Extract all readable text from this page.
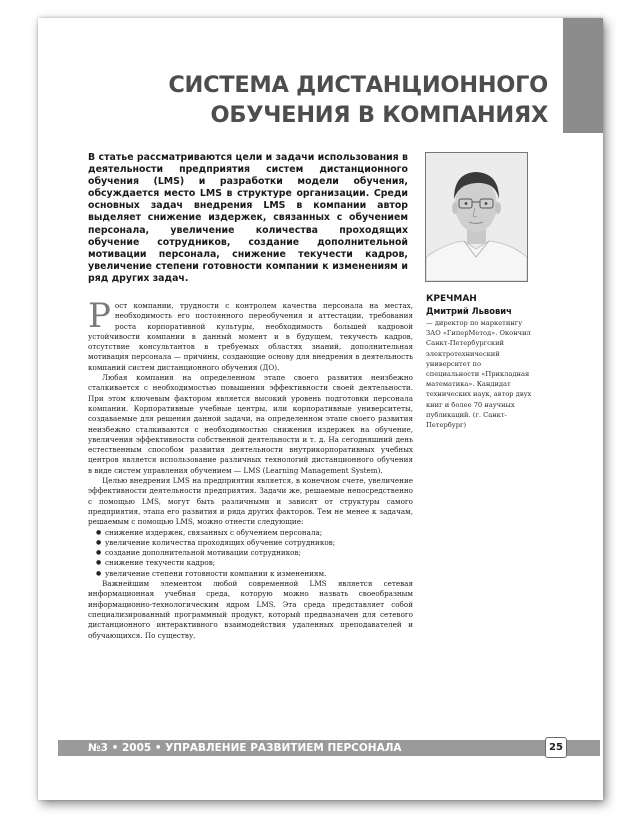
СИСТЕМА ДИСТАНЦИОННОГО
ОБУЧЕНИЯ В КОМПАНИЯХ
В статье рассматриваются цели и задачи использования в деятельности предприятия систем дистанционного обучения (LMS) и разработки модели обучения, обсуждается место LMS в структуре организации. Среди основных задач внедрения LMS в компании автор выделяет снижение издержек, связанных с обучением персонала, увеличение количества проходящих обучение сотрудников, создание дополнительной мотивации персонала, снижение текучести кадров, увеличение степени готовности компании к изменениям и ряд других задач.
КРЕЧМАН
Дмитрий Львович
— директор по маркетингу ЗАО «ГиперМетод». Окончил Санкт-Петербургский электротехнический университет по специальности «Прикладная математика». Кандидат технических наук, автор двух книг и более 70 научных публикаций. (г. Санкт-Петербург)

Рост компании, трудности с контролем качества персонала на местах, необходимость его постоянного переобучения и аттестации, требования роста корпоративной культуры, необходимость большей кадровой устойчивости компании в данный момент и в будущем, текучесть кадров, отсутствие консультантов в требуемых областях знаний, дополнительная мотивация персонала — причины, создающие основу для внедрения в деятельность компаний систем дистанционного обучения (ДО).

Любая компания на определенном этапе своего развития неизбежно сталкивается с необходимостью повышения эффективности своей деятельности. При этом ключевым фактором является высокий уровень подготовки персонала компании. Корпоративные учебные центры, или корпоративные университеты, создаваемые для решения данной задачи, на определенном этапе своего развития неизбежно сталкиваются с необходимостью снижения издержек на обучение, увеличения эффективности собственной деятельности и т. д. На сегодняшний день естественным способом развития деятельности внутрикорпоративных учебных центров является использование различных технологий дистанционного обучения в виде систем управления обучением — LMS (Learning Management System).

Целью внедрения LMS на предприятии является, в конечном счете, увеличение эффективности деятельности предприятия. Задачи же, решаемые непосредственно с помощью LMS, могут быть различными и зависят от структуры самого предприятия, этапа его развития и ряда других факторов. Тем не менее к задачам, решаемым с помощью LMS, можно отнести следующие:

● снижение издержек, связанных с обучением персонала;
● увеличение количества проходящих обучение сотрудников;
● создание дополнительной мотивации сотрудников;
● снижение текучести кадров;
● увеличение степени готовности компании к изменениям.

Важнейшим элементом любой современной LMS является сетевая информационная учебная среда, которую можно назвать своеобразным информационно-технологическим ядром LMS. Эта среда представляет собой специализированный программный продукт, который предназначен для сетевого дистанционного интерактивного взаимодействия удаленных преподавателей и обучающихся. По существу,

№3 • 2005 • УПРАВЛЕНИЕ РАЗВИТИЕМ ПЕРСОНАЛА	25
